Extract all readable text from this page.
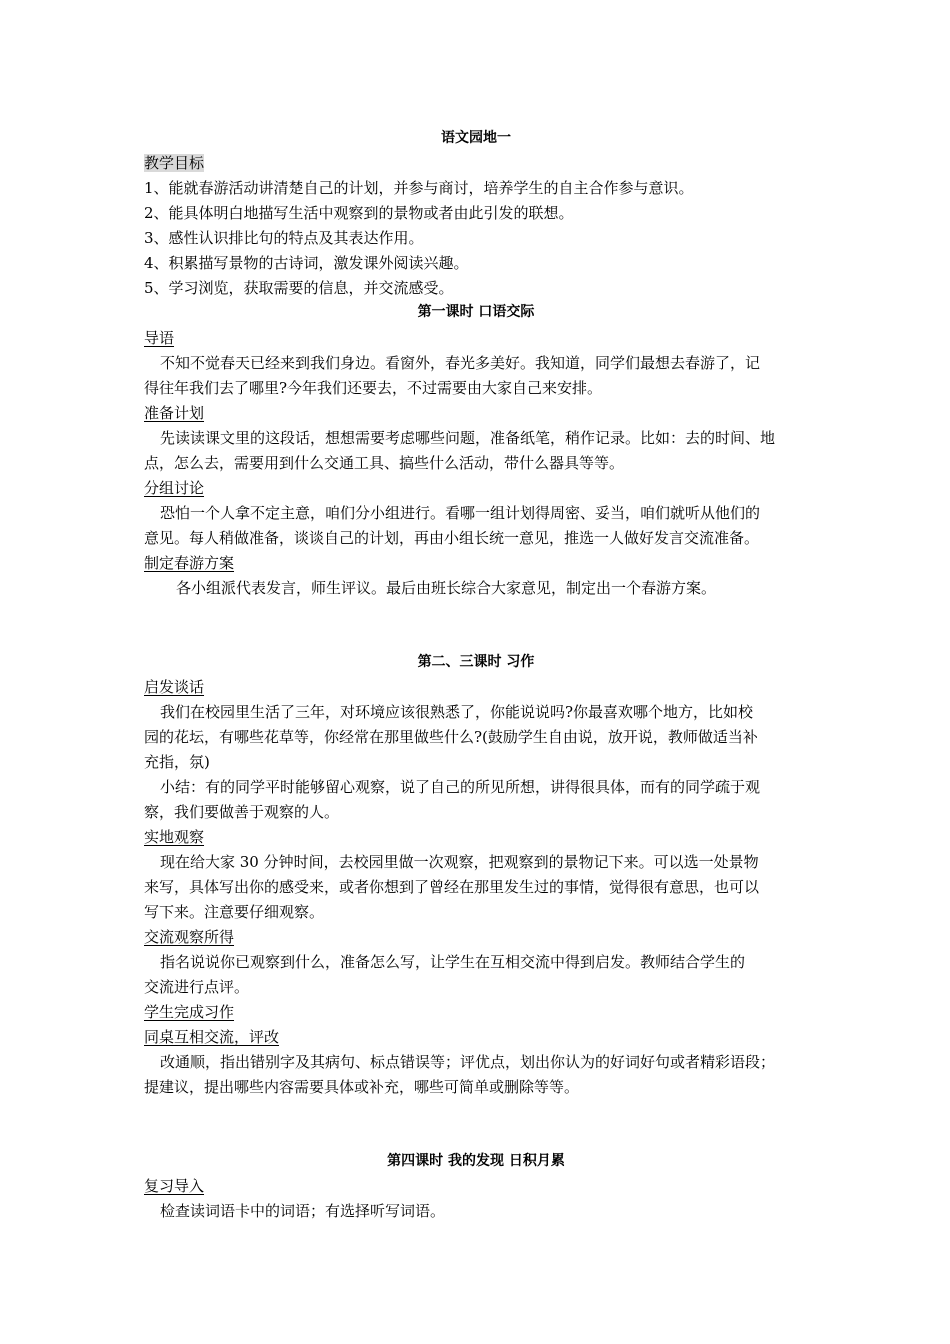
语文园地一
教学目标
1、能就春游活动讲清楚自己的计划，并参与商讨，培养学生的自主合作参与意识。
2、能具体明白地描写生活中观察到的景物或者由此引发的联想。
3、感性认识排比句的特点及其表达作用。
4、积累描写景物的古诗词，激发课外阅读兴趣。
5、学习浏览，获取需要的信息，并交流感受。
第一课时 口语交际
导语
不知不觉春天已经来到我们身边。看窗外，春光多美好。我知道，同学们最想去春游了，记
得往年我们去了哪里?今年我们还要去，不过需要由大家自己来安排。
准备计划
先读读课文里的这段话，想想需要考虑哪些问题，准备纸笔，稍作记录。比如：去的时间、地
点，怎么去，需要用到什么交通工具、搞些什么活动，带什么器具等等。
分组讨论
恐怕一个人拿不定主意，咱们分小组进行。看哪一组计划得周密、妥当，咱们就听从他们的
意见。每人稍做准备，谈谈自己的计划，再由小组长统一意见，推选一人做好发言交流准备。
制定春游方案
各小组派代表发言，师生评议。最后由班长综合大家意见，制定出一个春游方案。
第二、三课时 习作
启发谈话
我们在校园里生活了三年，对环境应该很熟悉了，你能说说吗?你最喜欢哪个地方，比如校
园的花坛，有哪些花草等，你经常在那里做些什么?(鼓励学生自由说，放开说，教师做适当补
充指，氛)
小结：有的同学平时能够留心观察，说了自己的所见所想，讲得很具体，而有的同学疏于观
察，我们要做善于观察的人。
实地观察
现在给大家 30 分钟时间，去校园里做一次观察，把观察到的景物记下来。可以选一处景物
来写，具体写出你的感受来，或者你想到了曾经在那里发生过的事情，觉得很有意思，也可以
写下来。注意要仔细观察。
交流观察所得
指名说说你已观察到什么，准备怎么写，让学生在互相交流中得到启发。教师结合学生的
交流进行点评。
学生完成习作
同桌互相交流，评改
改通顺，指出错别字及其病句、标点错误等；评优点，划出你认为的好词好句或者精彩语段；
提建议，提出哪些内容需要具体或补充，哪些可简单或删除等等。
第四课时 我的发现 日积月累
复习导入
检查读词语卡中的词语；有选择听写词语。
